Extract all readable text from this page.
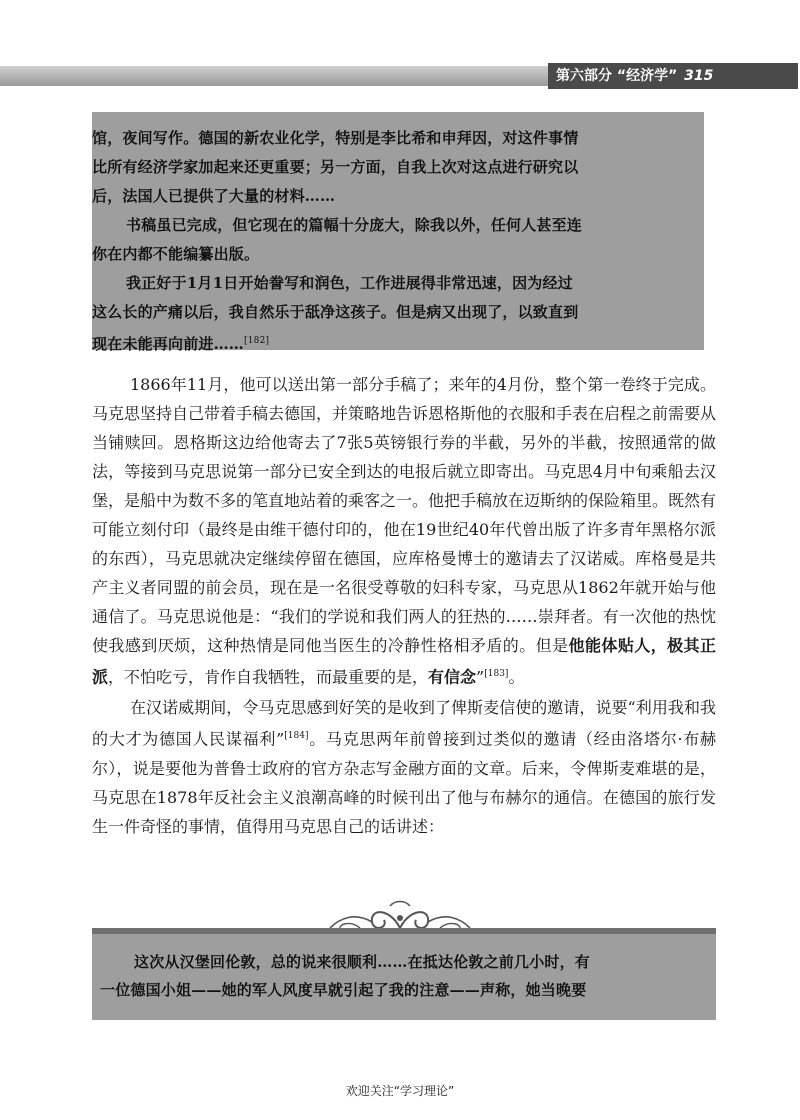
第六部分 “经济学” 315
馆，夜间写作。德国的新农业化学，特别是李比希和申拜因，对这件事情
比所有经济学家加起来还更重要；另一方面，自我上次对这点进行研究以
后，法国人已提供了大量的材料……
书稿虽已完成，但它现在的篇幅十分庞大，除我以外，任何人甚至连
你在内都不能编纂出版。
我正好于1月1日开始誊写和润色，工作进展得非常迅速，因为经过
这么长的产痛以后，我自然乐于舐净这孩子。但是病又出现了，以致直到
现在未能再向前进……[182]

1866年11月，他可以送出第一部分手稿了；来年的4月份，整个第一卷终于完成。马克思坚持自己带着手稿去德国，并策略地告诉恩格斯他的衣服和手表在启程之前需要从当铺赎回。恩格斯这边给他寄去了7张5英镑银行券的半截，另外的半截，按照通常的做法，等接到马克思说第一部分已安全到达的电报后就立即寄出。马克思4月中旬乘船去汉堡，是船中为数不多的笔直地站着的乘客之一。他把手稿放在迈斯纳的保险箱里。既然有可能立刻付印（最终是由维干德付印的，他在19世纪40年代曾出版了许多青年黑格尔派的东西），马克思就决定继续停留在德国，应库格曼博士的邀请去了汉诺威。库格曼是共产主义者同盟的前会员，现在是一名很受尊敬的妇科专家，马克思从1862年就开始与他通信了。马克思说他是：“我们的学说和我们两人的狂热的……崇拜者。有一次他的热忱使我感到厌烦，这种热情是同他当医生的冷静性格相矛盾的。但是他能体贴人，极其正派，不怕吃亏，肯作自我牺牲，而最重要的是，有信念”[183]。

在汉诺威期间，令马克思感到好笑的是收到了俾斯麦信使的邀请，说要“利用我和我的大才为德国人民谋福利”[184]。马克思两年前曾接到过类似的邀请（经由洛塔尔·布赫尔），说是要他为普鲁士政府的官方杂志写金融方面的文章。后来，令俾斯麦难堪的是，马克思在1878年反社会主义浪潮高峰的时候刊出了他与布赫尔的通信。在德国的旅行发生一件奇怪的事情，值得用马克思自己的话讲述：

这次从汉堡回伦敦，总的说来很顺利……在抵达伦敦之前几小时，有
一位德国小姐——她的军人风度早就引起了我的注意——声称，她当晚要
欢迎关注“学习理论”
